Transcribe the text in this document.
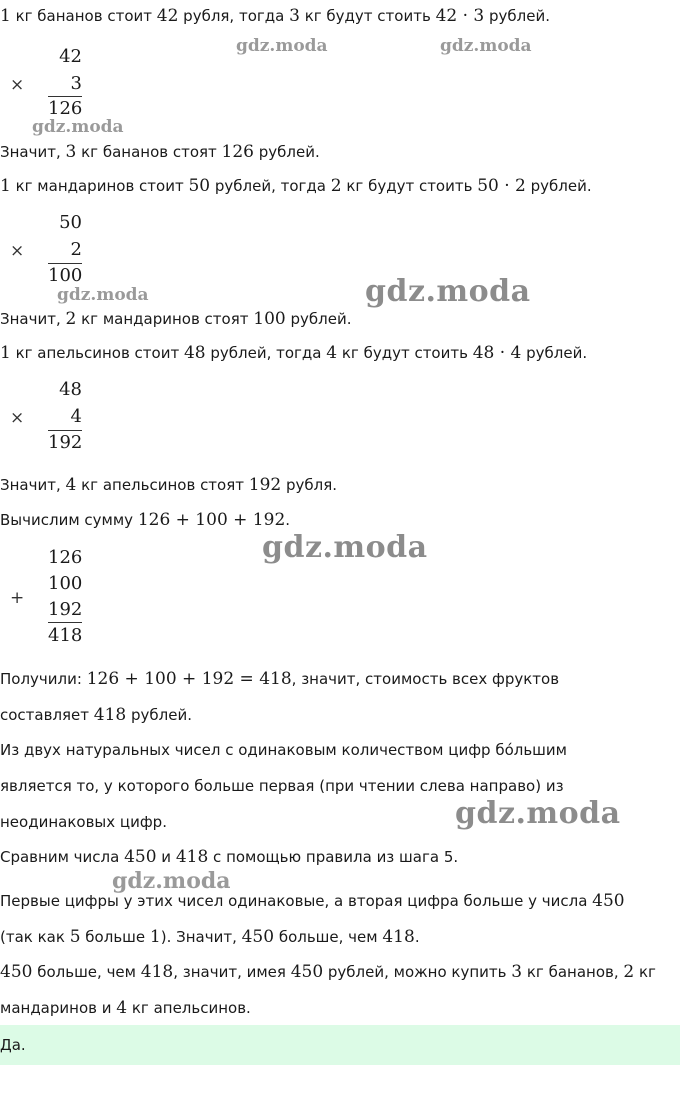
1 кг бананов стоит 42 рубля, тогда 3 кг будут стоить 42 · 3 рублей.
gdz.moda	gdz.moda
×
42
3
126
gdz.moda
Значит, 3 кг бананов стоят 126 рублей.
1 кг мандаринов стоит 50 рублей, тогда 2 кг будут стоить 50 · 2 рублей.
×
50
2
100
gdz.moda	gdz.moda
Значит, 2 кг мандаринов стоят 100 рублей.
1 кг апельсинов стоит 48 рублей, тогда 4 кг будут стоить 48 · 4 рублей.
×
48
4
192
Значит, 4 кг апельсинов стоят 192 рубля.
Вычислим сумму 126 + 100 + 192.
gdz.moda
+
126
100
192
418
Получили: 126 + 100 + 192 = 418, значит, стоимость всех фруктов
составляет 418 рублей.
Из двух натуральных чисел с одинаковым количеством цифр бóльшим
является то, у которого больше первая (при чтении слева направо) из
неодинаковых цифр.	gdz.moda
Сравним числа 450 и 418 с помощью правила из шага 5.
gdz.moda
Первые цифры у этих чисел одинаковые, а вторая цифра больше у числа 450
(так как 5 больше 1). Значит, 450 больше, чем 418.
450 больше, чем 418, значит, имея 450 рублей, можно купить 3 кг бананов, 2 кг
мандаринов и 4 кг апельсинов.
Да.
